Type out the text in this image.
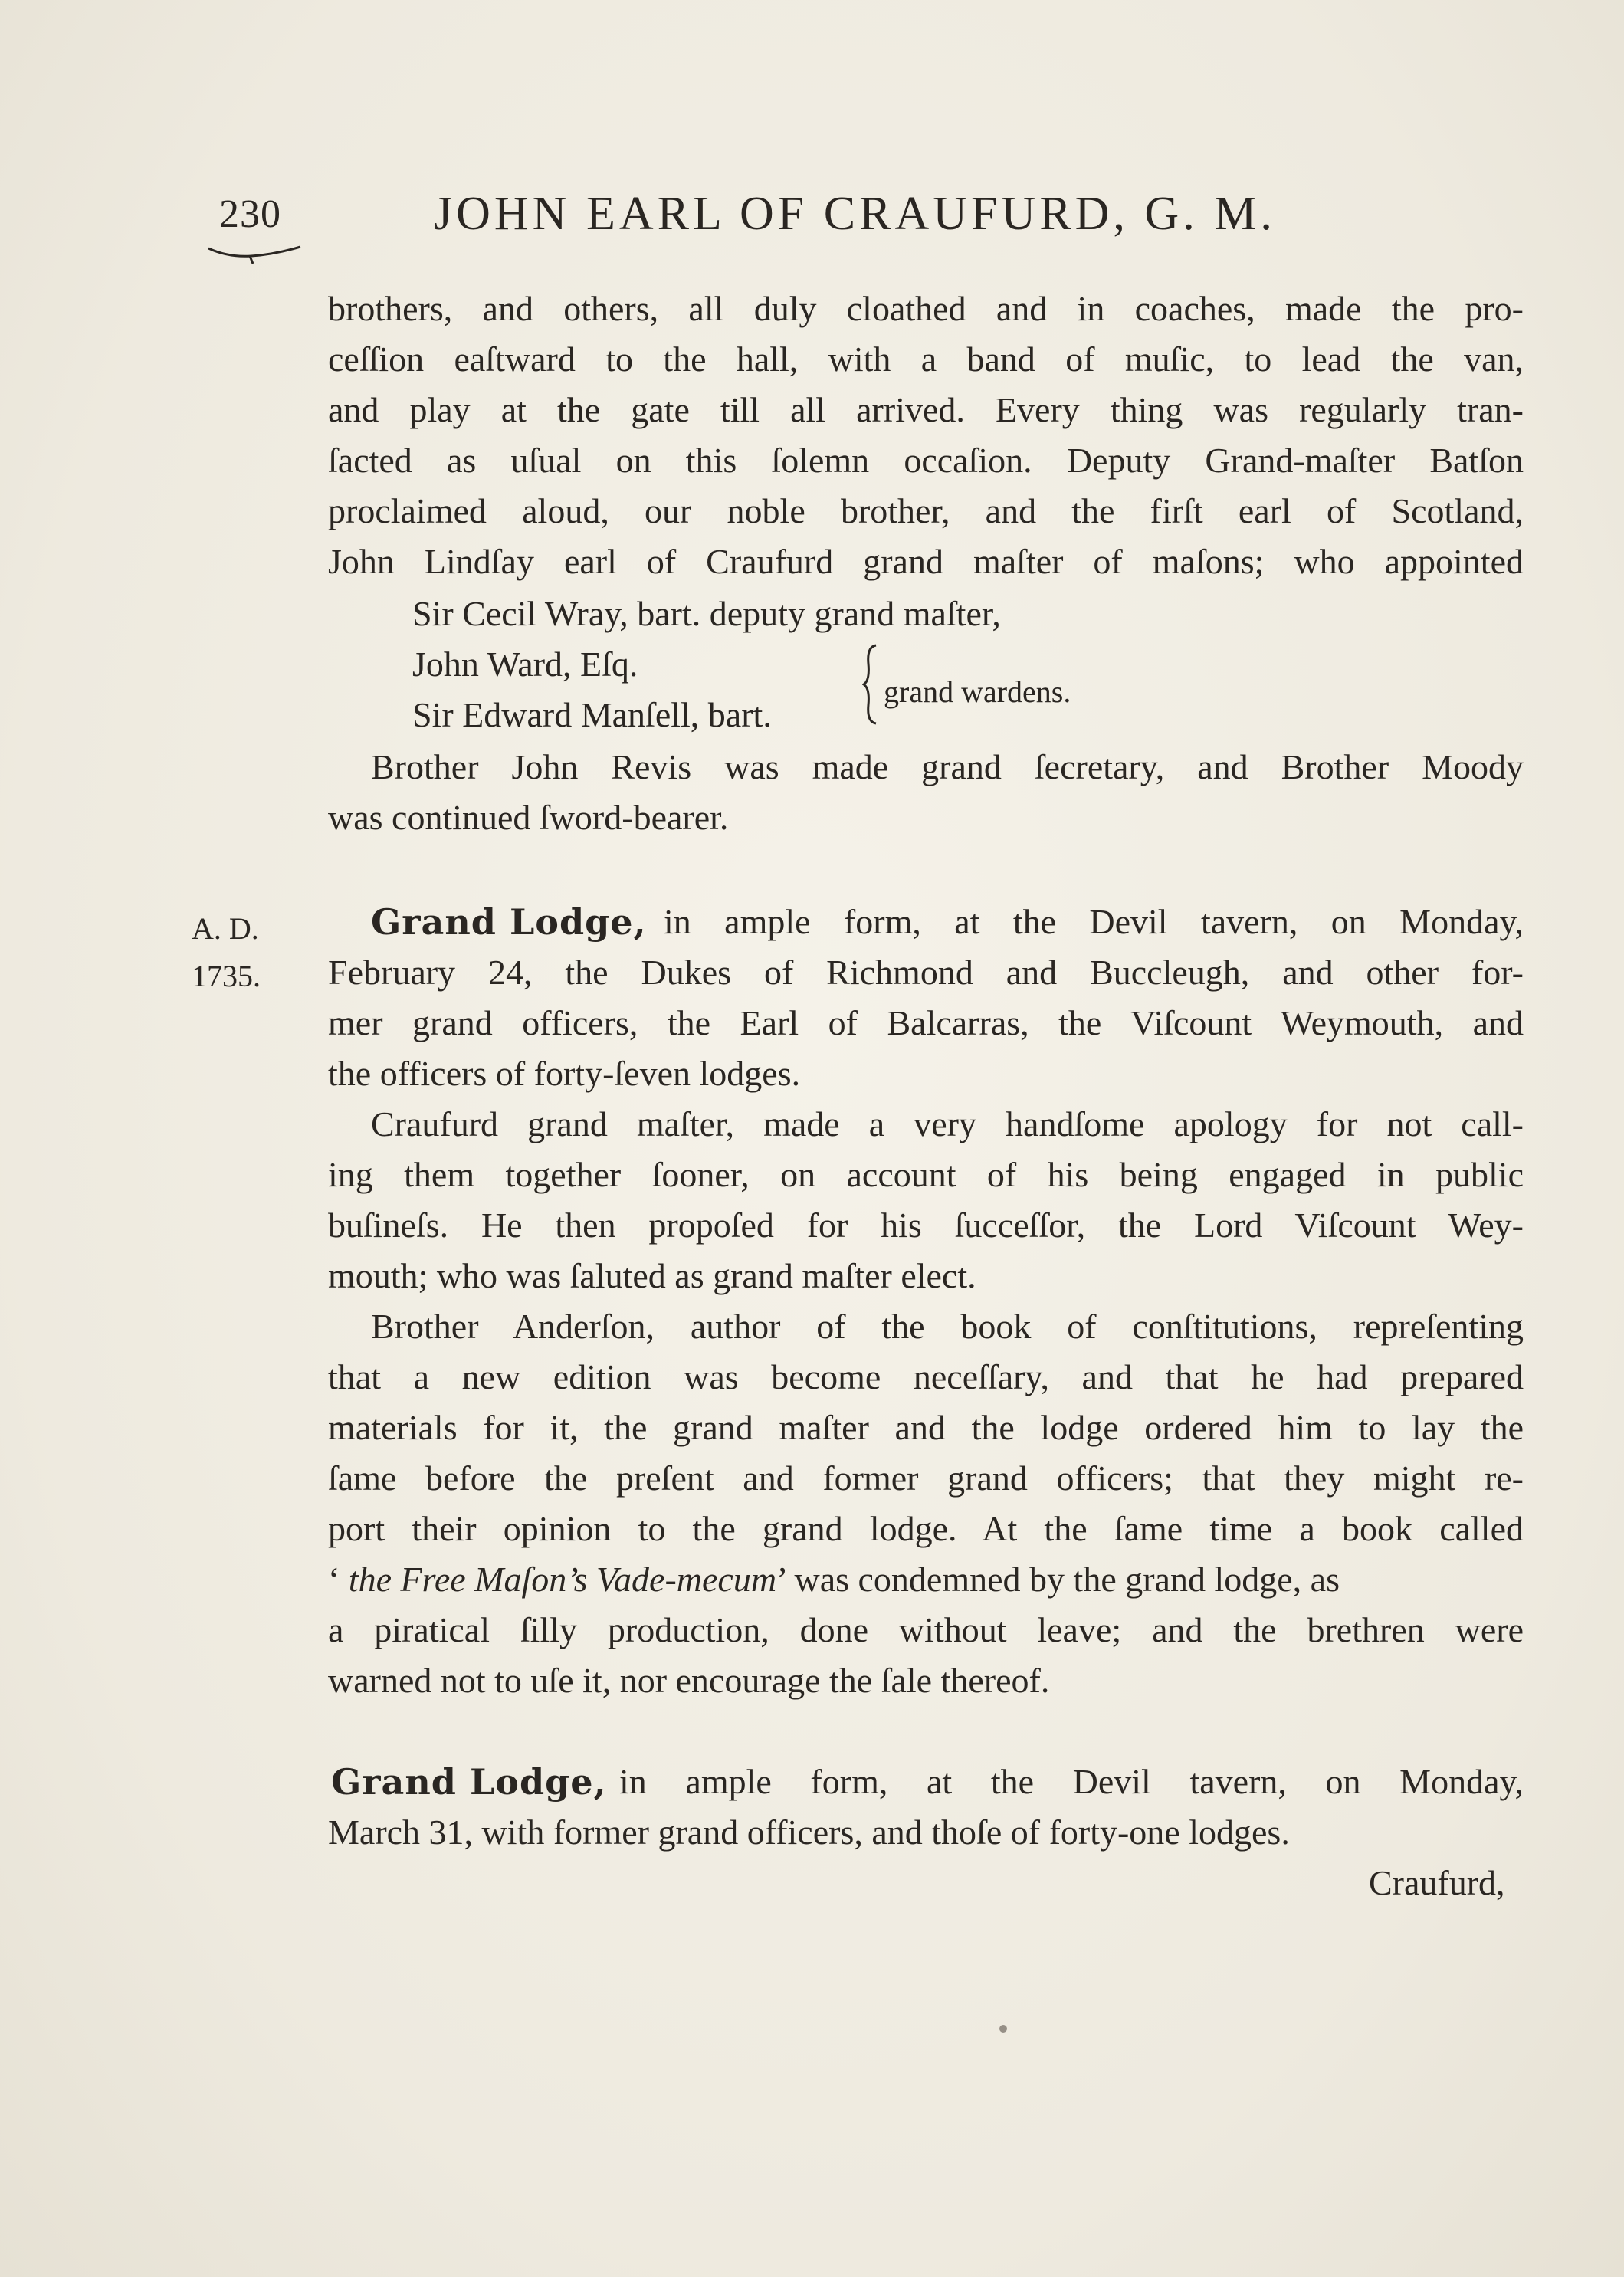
230	JOHN EARL OF CRAUFURD, G. M.
brothers, and others, all duly cloathed and in coaches, made the pro-
ceſſion eaſtward to the hall, with a band of muſic, to lead the van,
and play at the gate till all arrived. Every thing was regularly tran-
ſacted as uſual on this ſolemn occaſion. Deputy Grand-maſter Batſon
proclaimed aloud, our noble brother, and the firſt earl of Scotland,
John Lindſay earl of Craufurd grand maſter of maſons; who appointed
Sir Cecil Wray, bart. deputy grand maſter,
John Ward, Eſq.
Sir Edward Manſell, bart.
grand wardens.
Brother John Revis was made grand ſecretary, and Brother Moody
was continued ſword-bearer.
A. D.
1735.
Grand Lodge, in ample form, at the Devil tavern, on Monday,
February 24, the Dukes of Richmond and Buccleugh, and other for-
mer grand officers, the Earl of Balcarras, the Viſcount Weymouth, and
the officers of forty-ſeven lodges.
Craufurd grand maſter, made a very handſome apology for not call-
ing them together ſooner, on account of his being engaged in public
buſineſs. He then propoſed for his ſucceſſor, the Lord Viſcount Wey-
mouth; who was ſaluted as grand maſter elect.
Brother Anderſon, author of the book of conſtitutions, repreſenting
that a new edition was become neceſſary, and that he had prepared
materials for it, the grand maſter and the lodge ordered him to lay the
ſame before the preſent and former grand officers; that they might re-
port their opinion to the grand lodge. At the ſame time a book called
‘ the Free Maſon’s Vade-mecum’ was condemned by the grand lodge, as
a piratical ſilly production, done without leave; and the brethren were
warned not to uſe it, nor encourage the ſale thereof.
Grand Lodge, in ample form, at the Devil tavern, on Monday,
March 31, with former grand officers, and thoſe of forty-one lodges.
Craufurd,
